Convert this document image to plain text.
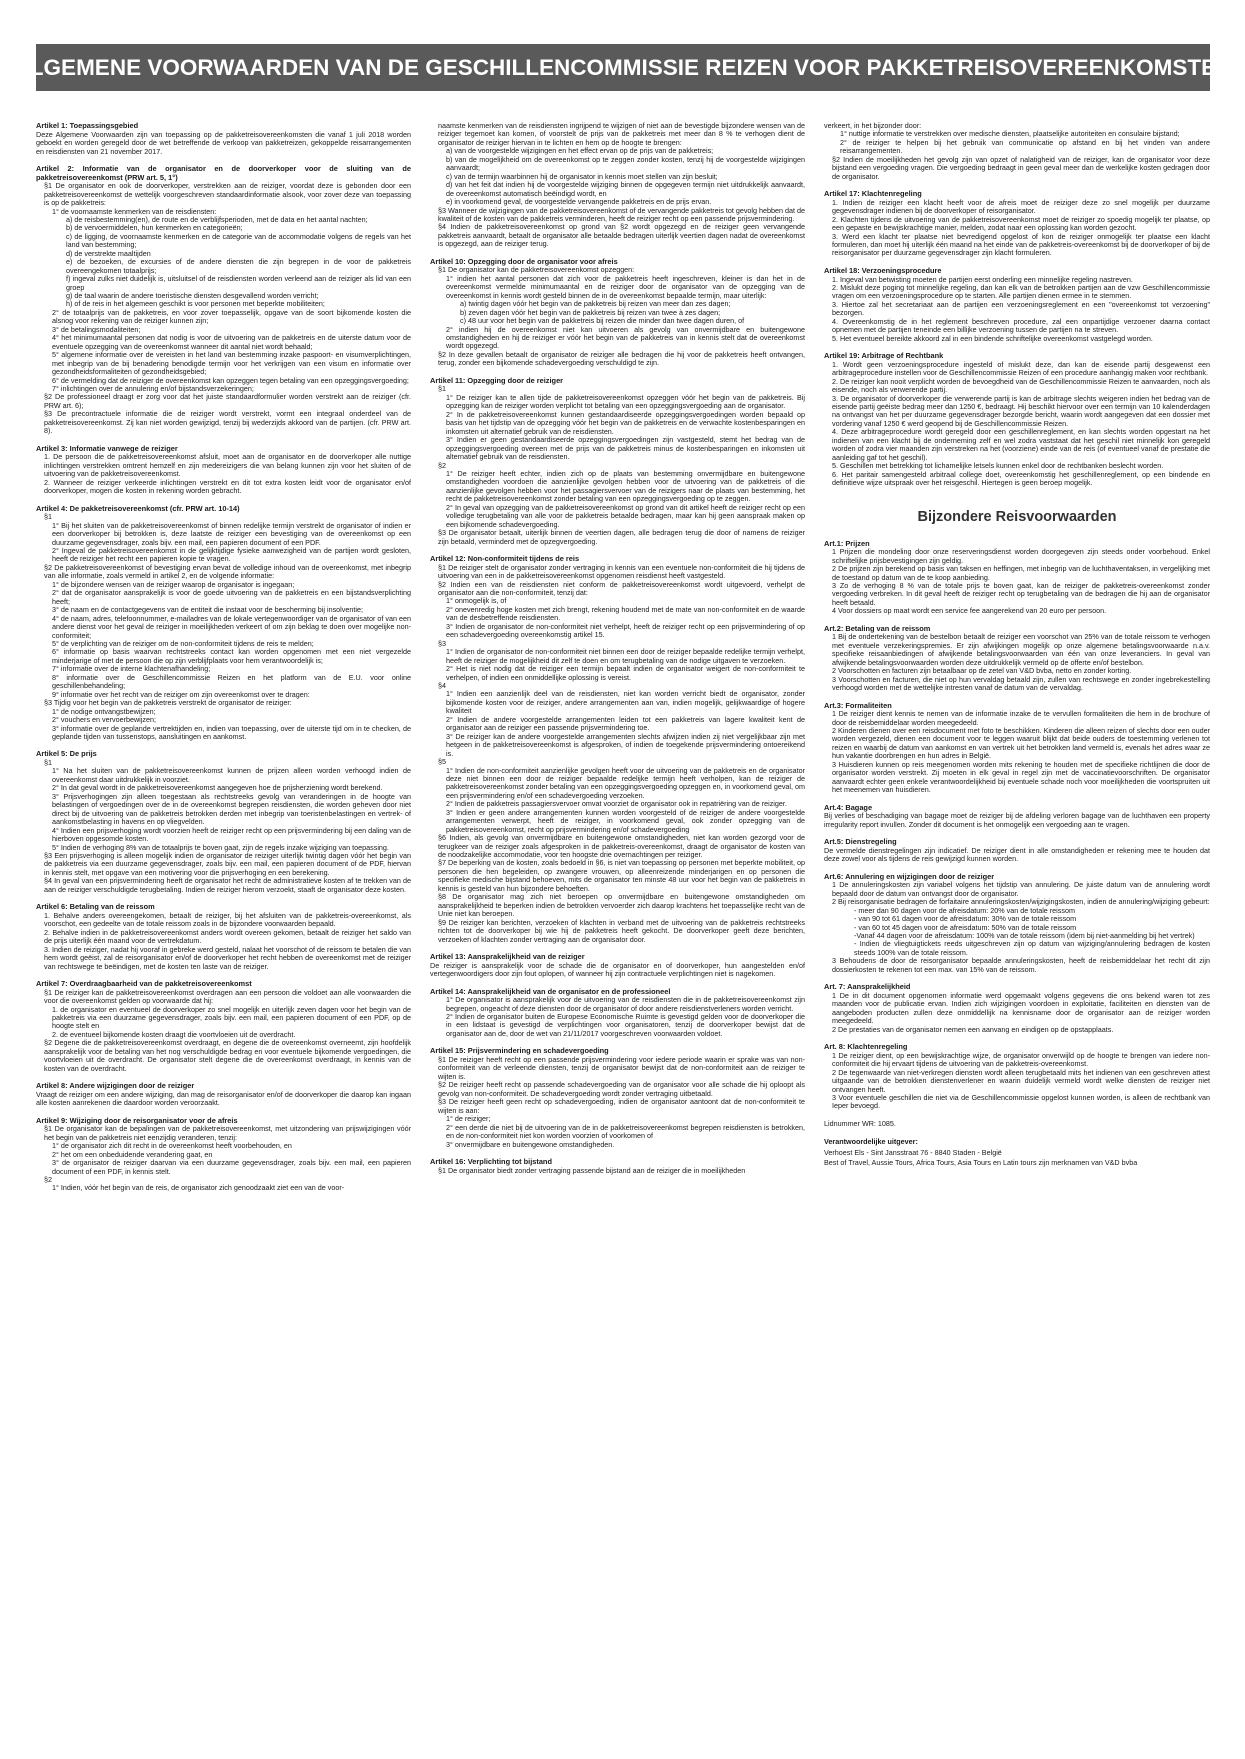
ALGEMENE VOORWAARDEN VAN DE GESCHILLENCOMMISSIE REIZEN VOOR PAKKETREISOVEREENKOMSTEN
Artikel 1: Toepassingsgebied

Deze Algemene Voorwaarden zijn van toepassing op de pakketreisovereenkomsten die vanaf 1 juli 2018 worden geboekt en worden geregeld door de wet betreffende de verkoop van pakketreizen, gekoppelde reisarrangementen en reisdiensten van 21 november 2017.

Artikel 2: Informatie van de organisator en de doorverkoper voor de sluiting van de pakketreisovereenkomst (PRW art. 5, 1°)

§1 De organisator en ook de doorverkoper, verstrekken aan de reiziger, voordat deze is gebonden door een pakketreisovereenkomst de wettelijk voorgeschreven standaardinformatie alsook, voor zover deze van toepassing is op de pakketreis:

1° de voornaamste kenmerken van de reisdiensten:

a) de reisbestemming(en), de route en de verblijfsperioden, met de data en het aantal nachten;

b) de vervoermiddelen, hun kenmerken en categorieën;

c) de ligging, de voornaamste kenmerken en de categorie van de accommodatie volgens de regels van het land van bestemming;

d) de verstrekte maaltijden

e) de bezoeken, de excursies of de andere diensten die zijn begrepen in de voor de pakketreis overeengekomen totaalprijs;

f) ingeval zulks niet duidelijk is, uitsluitsel of de reisdiensten worden verleend aan de reiziger als lid van een groep

g) de taal waarin de andere toeristische diensten desgevallend worden verricht;

h) of de reis in het algemeen geschikt is voor personen met beperkte mobiliteiten;

2° de totaalprijs van de pakketreis, en voor zover toepasselijk, opgave van de soort bijkomende kosten die alsnog voor rekening van de reiziger kunnen zijn;

3° de betalingsmodaliteiten;

4° het minimumaantal personen dat nodig is voor de uitvoering van de pakketreis en de uiterste datum voor de eventuele opzegging van de overeenkomst wanneer dit aantal niet wordt behaald;

5° algemene informatie over de vereisten in het land van bestemming inzake paspoort- en visumverplichtingen, met inbegrip van de bij benadering benodigde termijn voor het verkrijgen van een visum en informatie over gezondheidsformaliteiten of gezondheidsgebied;

6° de vermelding dat de reiziger de overeenkomst kan opzeggen tegen betaling van een opzeggingsvergoeding;

7° inlichtingen over de annulering en/of bijstandsverzekeringen;

§2 De professioneel draagt er zorg voor dat het juiste standaardformulier worden verstrekt aan de reiziger (cfr. PRW art. 6);

§3 De precontractuele informatie die de reiziger wordt verstrekt, vormt een integraal onderdeel van de pakketreisovereenkomst. Zij kan niet worden gewijzigd, tenzij bij wederzijds akkoord van de partijen. (cfr. PRW art. 8).

Artikel 3: Informatie vanwege de reiziger

1. De persoon die de pakketreisovereenkomst afsluit, moet aan de organisator en de doorverkoper alle nuttige inlichtingen verstrekken omtrent hemzelf en zijn medereizigers die van belang kunnen zijn voor het sluiten of de uitvoering van de pakketreisovereenkomst.

2. Wanneer de reiziger verkeerde inlichtingen verstrekt en dit tot extra kosten leidt voor de organisator en/of doorverkoper, mogen die kosten in rekening worden gebracht.

Artikel 4: De pakketreisovereenkomst (cfr. PRW art. 10-14)

§1

1° Bij het sluiten van de pakketreisovereenkomst of binnen redelijke termijn verstrekt de organisator of indien er een doorverkoper bij betrokken is, deze laatste de reiziger een bevestiging van de overeenkomst op een duurzame gegevensdrager, zoals bijv. een mail, een papieren document of een PDF.

2° Ingeval de pakketreisovereenkomst in de gelijktijdige fysieke aanwezigheid van de partijen wordt gesloten, heeft de reiziger het recht een papieren kopie te vragen.

§2 De pakketreisovereenkomst of bevestiging ervan bevat de volledige inhoud van de overeenkomst, met inbegrip van alle informatie, zoals vermeld in artikel 2, en de volgende informatie:

1° de bijzondere wensen van de reiziger waarop de organisator is ingegaan;

2° dat de organisator aansprakelijk is voor de goede uitvoering van de pakketreis en een bijstandsverplichting heeft;

3° de naam en de contactgegevens van de entiteit die instaat voor de bescherming bij insolventie;

4° de naam, adres, telefoonnummer, e-mailadres van de lokale vertegenwoordiger van de organisator of van een andere dienst voor het geval de reiziger in moeilijkheden verkeert of om zijn beklag te doen over mogelijke non-conformiteit;

5° de verplichting van de reiziger om de non-conformiteit tijdens de reis te melden;

6° informatie op basis waarvan rechtstreeks contact kan worden opgenomen met een niet vergezelde minderjarige of met de persoon die op zijn verblijfplaats voor hem verantwoordelijk is;

7° informatie over de interne klachtenafhandeling;

8° informatie over de Geschillencommissie Reizen en het platform van de E.U. voor online geschillenbehandeling;

9° informatie over het recht van de reiziger om zijn overeenkomst over te dragen:

§3 Tijdig voor het begin van de pakketreis verstrekt de organisator de reiziger:

1° de nodige ontvangstbewijzen;

2° vouchers en vervoerbewijzen;

3° informatie over de geplande vertrektijden en, indien van toepassing, over de uiterste tijd om in te checken, de geplande tijden van tussenstops, aansluitingen en aankomst.

Artikel 5: De prijs

§1

1° Na het sluiten van de pakketreisovereenkomst kunnen de prijzen alleen worden verhoogd indien de overeenkomst daar uitdrukkelijk in voorziet.

2° In dat geval wordt in de pakketreisovereenkomst aangegeven hoe de prijsherziening wordt berekend.

3° Prijsverhogingen zijn alleen toegestaan als rechtstreeks gevolg van veranderingen in de hoogte van belastingen of vergoedingen over de in de overeenkomst begrepen reisdiensten, die worden geheven door niet direct bij de uitvoering van de pakketreis betrokken derden met inbegrip van toeristenbelastingen en vertrek- of aankomstbelasting in havens en op vliegvelden.

4° Indien een prijsverhoging wordt voorzien heeft de reiziger recht op een prijsvermindering bij een daling van de hierboven opgesomde kosten.

5° Indien de verhoging 8% van de totaalprijs te boven gaat, zijn de regels inzake wijziging van toepassing.

§3 Een prijsverhoging is alleen mogelijk indien de organisator de reiziger uiterlijk twintig dagen vóór het begin van de pakketreis via een duurzame gegevensdrager, zoals bijv. een mail, een papieren document of de PDF, hiervan in kennis stelt, met opgave van een motivering voor die prijsverhoging en een berekening.

§4 In geval van een prijsvermindering heeft de organisator het recht de administratieve kosten af te trekken van de aan de reiziger verschuldigde terugbetaling. Indien de reiziger hierom verzoekt, staaft de organisator deze kosten.

Artikel 6: Betaling van de reissom

1. Behalve anders overeengekomen, betaalt de reiziger, bij het afsluiten van de pakketreis-overeenkomst, als voorschot, een gedeelte van de totale reissom zoals in de bijzondere voorwaarden bepaald.

2. Behalve indien in de pakketreisovereenkomst anders wordt overeen gekomen, betaalt de reiziger het saldo van de prijs uiterlijk één maand voor de vertrekdatum.

3. Indien de reiziger, nadat hij vooraf in gebreke werd gesteld, nalaat het voorschot of de reissom te betalen die van hem wordt geëist, zal de reisorganisator en/of de doorverkoper het recht hebben de overeenkomst met de reiziger van rechtswege te beëindigen, met de kosten ten laste van de reiziger.

Artikel 7: Overdraagbaarheid van de pakketreisovereenkomst

§1 De reiziger kan de pakketreisovereenkomst overdragen aan een persoon die voldoet aan alle voorwaarden die voor die overeenkomst gelden op voorwaarde dat hij:

1. de organisator en eventueel de doorverkoper zo snel mogelijk en uiterlijk zeven dagen voor het begin van de pakketreis via een duurzame gegevensdrager, zoals bijv. een mail, een papieren document of een PDF, op de hoogte stelt en

2. de eventueel bijkomende kosten draagt die voortvloeien uit de overdracht.

§2 Degene die de pakketreisovereenkomst overdraagt, en degene die de overeenkomst overneemt, zijn hoofdelijk aansprakelijk voor de betaling van het nog verschuldigde bedrag en voor eventuele bijkomende vergoedingen, die voortvloeien uit de overdracht. De organisator stelt degene die de overeenkomst overdraagt, in kennis van de kosten van de overdracht.

Artikel 8: Andere wijzigingen door de reiziger

Vraagt de reiziger om een andere wijziging, dan mag de reisorganisator en/of de doorverkoper die daarop kan ingaan alle kosten aanrekenen die daardoor worden veroorzaakt.

Artikel 9: Wijziging door de reisorganisator voor de afreis

§1 De organisator kan de bepalingen van de pakketreisovereenkomst, met uitzondering van prijswijzigingen vóór het begin van de pakketreis niet eenzijdig veranderen, tenzij:

1° de organisator zich dit recht in de overeenkomst heeft voorbehouden, en

2° het om een onbeduidende verandering gaat, en

3° de organisator de reiziger daarvan via een duurzame gegevensdrager, zoals bijv. een mail, een papieren document of een PDF, in kennis stelt.

§2

1° Indien, vóór het begin van de reis, de organisator zich genoodzaakt ziet een van de voor-

naamste kenmerken van de reisdiensten ingrijpend te wijzigen of niet aan de bevestigde bijzondere wensen van de reiziger tegemoet kan komen, of voorstelt de prijs van de pakketreis met meer dan 8 % te verhogen dient de organisator de reiziger hiervan in te lichten en hem op de hoogte te brengen:

a) van de voorgestelde wijzigingen en het effect ervan op de prijs van de pakketreis;

b) van de mogelijkheid om de overeenkomst op te zeggen zonder kosten, tenzij hij de voorgestelde wijzigingen aanvaardt;

c) van de termijn waarbinnen hij de organisator in kennis moet stellen van zijn besluit;

d) van het feit dat indien hij de voorgestelde wijziging binnen de opgegeven termijn niet uitdrukkelijk aanvaardt, de overeenkomst automatisch beëindigd wordt, en

e) in voorkomend geval, de voorgestelde vervangende pakketreis en de prijs ervan.

§3 Wanneer de wijzigingen van de pakketreisovereenkomst of de vervangende pakketreis tot gevolg hebben dat de kwaliteit of de kosten van de pakketreis verminderen, heeft de reiziger recht op een passende prijsvermindering.

§4 Indien de pakketreisovereenkomst op grond van §2 wordt opgezegd en de reiziger geen vervangende pakketreis aanvaardt, betaalt de organisator alle betaalde bedragen uiterlijk veertien dagen nadat de overeenkomst is opgezegd, aan de reiziger terug.

Artikel 10: Opzegging door de organisator voor afreis

§1 De organisator kan de pakketreisovereenkomst opzeggen:

1° indien het aantal personen dat zich voor de pakketreis heeft ingeschreven, kleiner is dan het in de overeenkomst vermelde minimumaantal en de reiziger door de organisator van de opzegging van de overeenkomst in kennis wordt gesteld binnen de in de overeenkomst bepaalde termijn, maar uiterlijk:

a) twintig dagen vóór het begin van de pakketreis bij reizen van meer dan zes dagen;

b) zeven dagen vóór het begin van de pakketreis bij reizen van twee à zes dagen;

c) 48 uur voor het begin van de pakketreis bij reizen die minder dan twee dagen duren, of

2° indien hij de overeenkomst niet kan uitvoeren als gevolg van onvermijdbare en buitengewone omstandigheden en hij de reiziger er vóór het begin van de pakketreis van in kennis stelt dat de overeenkomst wordt opgezegd.

§2 In deze gevallen betaalt de organisator de reiziger alle bedragen die hij voor de pakketreis heeft ontvangen, terug, zonder een bijkomende schadevergoeding verschuldigd te zijn.

Artikel 11: Opzegging door de reiziger

§1

1° De reiziger kan te allen tijde de pakketreisovereenkomst opzeggen vóór het begin van de pakketreis. Bij opzegging kan de reiziger worden verplicht tot betaling van een opzeggingsvergoeding aan de organisator.

2° In de pakketreisovereenkomst kunnen gestandaardiseerde opzeggingsvergoedingen worden bepaald op basis van het tijdstip van de opzegging vóór het begin van de pakketreis en de verwachte kostenbesparingen en inkomsten uit alternatief gebruik van de reisdiensten.

3° Indien er geen gestandaardiseerde opzeggingsvergoedingen zijn vastgesteld, stemt het bedrag van de opzeggingsvergoeding overeen met de prijs van de pakketreis minus de kostenbesparingen en inkomsten uit alternatief gebruik van de reisdiensten.

§2

1° De reiziger heeft echter, indien zich op de plaats van bestemming onvermijdbare en buitengewone omstandigheden voordoen die aanzienlijke gevolgen hebben voor de uitvoering van de pakketreis of die aanzienlijke gevolgen hebben voor het passagiersvervoer van de reizigers naar de plaats van bestemming, het recht de pakketreisovereenkomst zonder betaling van een opzeggingsvergoeding op te zeggen.

2° In geval van opzegging van de pakketreisovereenkomst op grond van dit artikel heeft de reiziger recht op een volledige terugbetaling van alle voor de pakketreis betaalde bedragen, maar kan hij geen aanspraak maken op een bijkomende schadevergoeding.

§3 De organisator betaalt, uiterlijk binnen de veertien dagen, alle bedragen terug die door of namens de reiziger zijn betaald, verminderd met de opzegvergoeding.

Artikel 12: Non-conformiteit tijdens de reis

§1 De reiziger stelt de organisator zonder vertraging in kennis van een eventuele non-conformiteit die hij tijdens de uitvoering van een in de pakketreisovereenkomst opgenomen reisdienst heeft vastgesteld.

§2 Indien een van de reisdiensten niet conform de pakketreisovereenkomst wordt uitgevoerd, verhelpt de organisator aan die non-conformiteit, tenzij dat:

1° onmogelijk is, of

2° onevenredig hoge kosten met zich brengt, rekening houdend met de mate van non-conformiteit en de waarde van de desbetreffende reisdiensten.

3° Indien de organisator de non-conformiteit niet verhelpt, heeft de reiziger recht op een prijsvermindering of op een schadevergoeding overeenkomstig artikel 15.

§3

1° Indien de organisator de non-conformiteit niet binnen een door de reiziger bepaalde redelijke termijn verhelpt, heeft de reiziger de mogelijkheid dit zelf te doen en om terugbetaling van de nodige uitgaven te verzoeken.

2° Het is niet nodig dat de reiziger een termijn bepaalt indien de organisator weigert de non-conformiteit te verhelpen, of indien een onmiddellijke oplossing is vereist.

§4

1° Indien een aanzienlijk deel van de reisdiensten, niet kan worden verricht biedt de organisator, zonder bijkomende kosten voor de reiziger, andere arrangementen aan van, indien mogelijk, gelijkwaardige of hogere kwaliteit

2° Indien de andere voorgestelde arrangementen leiden tot een pakketreis van lagere kwaliteit kent de organisator aan de reiziger een passende prijsvermindering toe.

3° De reiziger kan de andere voorgestelde arrangementen slechts afwijzen indien zij niet vergelijkbaar zijn met hetgeen in de pakketreisovereenkomst is afgesproken, of indien de toegekende prijsvermindering ontoereikend is.

§5

1° Indien de non-conformiteit aanzienlijke gevolgen heeft voor de uitvoering van de pakketreis en de organisator deze niet binnen een door de reiziger bepaalde redelijke termijn heeft verholpen, kan de reiziger de pakketreisovereenkomst zonder betaling van een opzeggingsvergoeding opzeggen en, in voorkomend geval, om een prijsvermindering en/of een schadevergoeding verzoeken.

2° Indien de pakketreis passagiersvervoer omvat voorziet de organisator ook in repatriëring van de reiziger.

3° Indien er geen andere arrangementen kunnen worden voorgesteld of de reiziger de andere voorgestelde arrangementen verwerpt, heeft de reiziger, in voorkomend geval, ook zonder opzegging van de pakketreisovereenkomst, recht op prijsvermindering en/of schadevergoeding

§6 Indien, als gevolg van onvermijdbare en buitengewone omstandigheden, niet kan worden gezorgd voor de terugkeer van de reiziger zoals afgesproken in de pakketreis-overeenkomst, draagt de organisator de kosten van de noodzakelijke accommodatie, voor ten hoogste drie overnachtingen per reiziger.

§7 De beperking van de kosten, zoals bedoeld in §6, is niet van toepassing op personen met beperkte mobiliteit, op personen die hen begeleiden, op zwangere vrouwen, op alleenreizende minderjarigen en op personen die specifieke medische bijstand behoeven, mits de organisator ten minste 48 uur voor het begin van de pakketreis in kennis is gesteld van hun bijzondere behoeften.

§8 De organisator mag zich niet beroepen op onvermijdbare en buitengewone omstandigheden om aansprakelijkheid te beperken indien de betrokken vervoerder zich daarop krachtens het toepasselijke recht van de Unie niet kan beroepen.

§9 De reiziger kan berichten, verzoeken of klachten in verband met de uitvoering van de pakketreis rechtstreeks richten tot de doorverkoper bij wie hij de pakketreis heeft gekocht. De doorverkoper geeft deze berichten, verzoeken of klachten zonder vertraging aan de organisator door.

Artikel 13: Aansprakelijkheid van de reiziger

De reiziger is aansprakelijk voor de schade die de organisator en of doorverkoper, hun aangestelden en/of vertegenwoordigers door zijn fout oplopen, of wanneer hij zijn contractuele verplichtingen niet is nagekomen.

Artikel 14: Aansprakelijkheid van de organisator en de professioneel

1° De organisator is aansprakelijk voor de uitvoering van de reisdiensten die in de pakketreisovereenkomst zijn begrepen, ongeacht of deze diensten door de organisator of door andere reisdienstverleners worden verricht.

2° Indien de organisator buiten de Europese Economische Ruimte is gevestigd gelden voor de doorverkoper die in een lidstaat is gevestigd de verplichtingen voor organisatoren, tenzij de doorverkoper bewijst dat de organisator aan de, door de wet van 21/11/2017 voorgeschreven voorwaarden voldoet.

Artikel 15: Prijsvermindering en schadevergoeding

§1 De reiziger heeft recht op een passende prijsvermindering voor iedere periode waarin er sprake was van non-conformiteit van de verleende diensten, tenzij de organisator bewijst dat de non-conformiteit aan de reiziger te wijten is.

§2 De reiziger heeft recht op passende schadevergoeding van de organisator voor alle schade die hij oploopt als gevolg van non-conformiteit. De schadevergoeding wordt zonder vertraging uitbetaald.

§3 De reiziger heeft geen recht op schadevergoeding, indien de organisator aantoont dat de non-conformiteit te wijten is aan:

1° de reiziger;

2° een derde die niet bij de uitvoering van de in de pakketreisovereenkomst begrepen reisdiensten is betrokken, en de non-conformiteit niet kon worden voorzien of voorkomen of

3° onvermijdbare en buitengewone omstandigheden.

Artikel 16: Verplichting tot bijstand

§1 De organisator biedt zonder vertraging passende bijstand aan de reiziger die in moeilijkheden

verkeert, in het bijzonder door:

1° nuttige informatie te verstrekken over medische diensten, plaatselijke autoriteiten en consulaire bijstand;

2° de reiziger te helpen bij het gebruik van communicatie op afstand en bij het vinden van andere reisarrangementen.

§2 Indien de moeilijkheden het gevolg zijn van opzet of nalatigheid van de reiziger, kan de organisator voor deze bijstand een vergoeding vragen. Die vergoeding bedraagt in geen geval meer dan de werkelijke kosten gedragen door de organisator.

Artikel 17: Klachtenregeling

1. Indien de reiziger een klacht heeft voor de afreis moet de reiziger deze zo snel mogelijk per duurzame gegevensdrager indienen bij de doorverkoper of reisorganisator.

2. Klachten tijdens de uitvoering van de pakketreisovereenkomst moet de reiziger zo spoedig mogelijk ter plaatse, op een gepaste en bewijskrachtige manier, melden, zodat naar een oplossing kan worden gezocht.

3. Werd een klacht ter plaatse niet bevredigend opgelost of kon de reiziger onmogelijk ter plaatse een klacht formuleren, dan moet hij uiterlijk één maand na het einde van de pakketreis-overeenkomst bij de doorverkoper of bij de reisorganisator per duurzame gegevensdrager zijn klacht formuleren.

Artikel 18: Verzoeningsprocedure

1. Ingeval van betwisting moeten de partijen eerst onderling een minnelijke regeling nastreven.

2. Mislukt deze poging tot minnelijke regeling, dan kan elk van de betrokken partijen aan de vzw Geschillencommissie vragen om een verzoeningsprocedure op te starten. Alle partijen dienen ermee in te stemmen.

3. Hiertoe zal het secretariaat aan de partijen een verzoeningsreglement en een "overeenkomst tot verzoening" bezorgen.

4. Overeenkomstig de in het reglement beschreven procedure, zal een onpartijdige verzoener daarna contact opnemen met de partijen teneinde een billijke verzoening tussen de partijen na te streven.

5. Het eventueel bereikte akkoord zal in een bindende schriftelijke overeenkomst vastgelegd worden.

Artikel 19: Arbitrage of Rechtbank

1. Wordt geen verzoeningsprocedure ingesteld of mislukt deze, dan kan de eisende partij desgewenst een arbitrageprocedure instellen voor de Geschillencommissie Reizen of een procedure aanhangig maken voor rechtbank.

2. De reiziger kan nooit verplicht worden de bevoegdheid van de Geschillencommissie Reizen te aanvaarden, noch als eisende, noch als verwerende partij.

3. De organisator of doorverkoper die verwerende partij is kan de arbitrage slechts weigeren indien het bedrag van de eisende partij geëiste bedrag meer dan 1250 €, bedraagt. Hij beschikt hiervoor over een termijn van 10 kalenderdagen na ontvangst van het per duurzame gegevensdrager bezorgde bericht, waarin wordt aangegeven dat een dossier met vordering vanaf 1250 € werd geopend bij de Geschillencommissie Reizen.

4. Deze arbitrageprocedure wordt geregeld door een geschillenreglement, en kan slechts worden opgestart na het indienen van een klacht bij de onderneming zelf en wel zodra vaststaat dat het geschil niet minnelijk kon geregeld worden of zodra vier maanden zijn verstreken na het (voorziene) einde van de reis (of eventueel vanaf de prestatie die aanleiding gaf tot het geschil).

5. Geschillen met betrekking tot lichamelijke letsels kunnen enkel door de rechtbanken beslecht worden.

6. Het paritair samengesteld arbitraal college doet, overeenkomstig het geschillenreglement, op een bindende en definitieve wijze uitspraak over het reisgeschil. Hiertegen is geen beroep mogelijk.

Bijzondere Reisvoorwaarden
Art.1: Prijzen

1 Prijzen die mondeling door onze reserveringsdienst worden doorgegeven zijn steeds onder voorbehoud. Enkel schriftelijke prijsbevestigingen zijn geldig.

2 De prijzen zijn berekend op basis van taksen en heffingen, met inbegrip van de luchthaventaksen, in vergelijking met de toestand op datum van de te koop aanbieding.

3 Zo de verhoging 8 % van de totale prijs te boven gaat, kan de reiziger de pakketreis-overeenkomst zonder vergoeding verbreken. In dit geval heeft de reiziger recht op terugbetaling van de bedragen die hij aan de organisator heeft betaald.

4 Voor dossiers op maat wordt een service fee aangerekend van 20 euro per persoon.

Art.2: Betaling van de reissom

1 Bij de ondertekening van de bestelbon betaalt de reiziger een voorschot van 25% van de totale reissom te verhogen met eventuele verzekeringspremies. Er zijn afwijkingen mogelijk op onze algemene betalingsvoorwaarde n.a.v. specifieke reisaanbiedingen of afwijkende betalingsvoorwaarden van één van onze leveranciers. In geval van afwijkende betalingsvoorwaarden worden deze uitdrukkelijk vermeld op de offerte en/of bestelbon.

2 Voorschotten en facturen zijn betaalbaar op de zetel van V&D bvba, netto en zonder korting.

3 Voorschotten en facturen, die niet op hun vervaldag betaald zijn, zullen van rechtswege en zonder ingebrekestelling verhoogd worden met de wettelijke intresten vanaf de datum van de vervaldag.

Art.3: Formaliteiten

1 De reiziger dient kennis te nemen van de informatie inzake de te vervullen formaliteiten die hem in de brochure of door de reisbemiddelaar worden meegedeeld.

2 Kinderen dienen over een reisdocument met foto te beschikken. Kinderen die alleen reizen of slechts door een ouder worden vergezeld, dienen een document voor te leggen waaruit blijkt dat beide ouders de toestemming verlenen tot reizen en waarbij de datum van aankomst en van vertrek uit het betrokken land vermeld is, evenals het adres waar ze hun vakantie doorbrengen en hun adres in België.

3 Huisdieren kunnen op reis meegenomen worden mits rekening te houden met de specifieke richtlijnen die door de organisator worden verstrekt. Zij moeten in elk geval in regel zijn met de vaccinatievoorschriften. De organisator aanvaardt echter geen enkele verantwoordelijkheid bij eventuele schade noch voor moeilijkheden die voortspruiten uit het meenemen van huisdieren.

Art.4: Bagage

Bij verlies of beschadiging van bagage moet de reiziger bij de afdeling verloren bagage van de luchthaven een property irregularity report invullen. Zonder dit document is het onmogelijk een vergoeding aan te vragen.

Art.5: Dienstregeling

De vermelde dienstregelingen zijn indicatief. De reiziger dient in alle omstandigheden er rekening mee te houden dat deze zowel voor als tijdens de reis gewijzigd kunnen worden.

Art.6: Annulering en wijzigingen door de reiziger

1 De annuleringskosten zijn variabel volgens het tijdstip van annulering. De juiste datum van de annulering wordt bepaald door de datum van ontvangst door de organisator.

2 Bij reisorganisatie bedragen de forfaitaire annuleringskosten/wijzigingskosten, indien de annulering/wijziging gebeurt:

- meer dan 90 dagen voor de afreisdatum: 20% van de totale reissom

- van 90 tot 61 dagen voor de afreisdatum: 30% van de totale reissom

- van 60 tot 45 dagen voor de afreisdatum: 50% van de totale reissom

-Vanaf 44 dagen voor de afreisdatum: 100% van de totale reissom (idem bij niet-aanmelding bij het vertrek)

- Indien de vliegtuigtickets reeds uitgeschreven zijn op datum van wijziging/annulering bedragen de kosten steeds 100% van de totale reissom.

3 Behoudens de door de reisorganisator bepaalde annuleringskosten, heeft de reisbemiddelaar het recht dit zijn dossierkosten te rekenen tot een max. van 15% van de reissom.

Art. 7: Aansprakelijkheid

1 De in dit document opgenomen informatie werd opgemaakt volgens gegevens die ons bekend waren tot zes maanden voor de publicatie ervan. Indien zich wijzigingen voordoen in exploitatie, faciliteiten en diensten van de aangeboden producten zullen deze onmiddellijk na kennisname door de organisator aan de reiziger worden meegedeeld.

2 De prestaties van de organisator nemen een aanvang en eindigen op de opstapplaats.

Art. 8: Klachtenregeling

1 De reiziger dient, op een bewijskrachtige wijze, de organisator onverwijld op de hoogte te brengen van iedere non-conformiteit die hij ervaart tijdens de uitvoering van de pakketreis-overeenkomst.

2 De tegenwaarde van niet-verkregen diensten wordt alleen terugbetaald mits het indienen van een geschreven attest uitgaande van de betrokken dienstenverlener en waarin duidelijk vermeld wordt welke diensten de reiziger niet ontvangen heeft.

3 Voor eventuele geschillen die niet via de Geschillencommissie opgelost kunnen worden, is alleen de rechtbank van Ieper bevoegd.

Lidnummer WR: 1085.

Verantwoordelijke uitgever:

Verhoest Els - Sint Jansstraat 76 - 8840 Staden - België

Best of Travel, Aussie Tours, Africa Tours, Asia Tours en Latin tours zijn merknamen van V&D bvba
